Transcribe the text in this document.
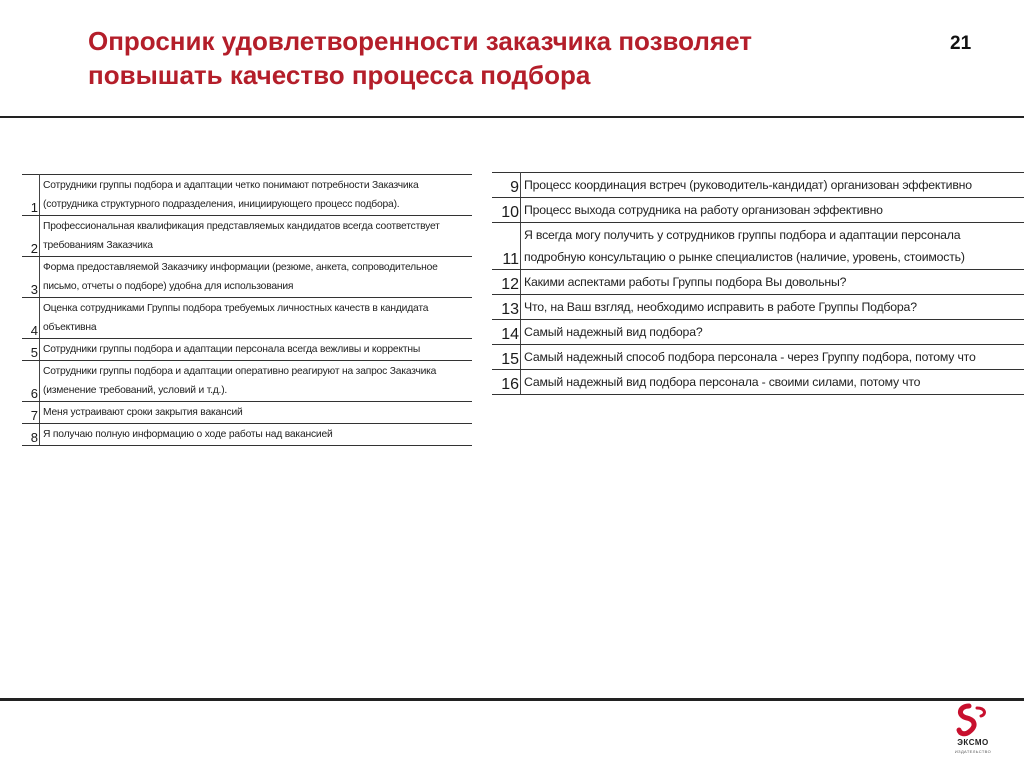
Опросник удовлетворенности заказчика позволяет повышать качество процесса подбора
21
1	Сотрудники группы подбора и адаптации четко понимают потребности Заказчика (сотрудника структурного подразделения, инициирующего процесс подбора).
2	Профессиональная квалификация представляемых кандидатов всегда соответствует требованиям Заказчика
3	Форма предоставляемой Заказчику информации (резюме, анкета, сопроводительное письмо, отчеты о подборе) удобна для использования
4	Оценка сотрудниками Группы подбора требуемых личностных качеств в кандидата объективна
5	Сотрудники группы подбора и адаптации персонала всегда вежливы и корректны
6	Сотрудники группы подбора и адаптации оперативно реагируют на запрос Заказчика (изменение требований, условий и т.д.).
7	Меня устраивают сроки закрытия вакансий
8	Я получаю полную информацию о ходе работы над вакансией
9	Процесс координация встреч (руководитель-кандидат) организован эффективно
10	Процесс выхода сотрудника на работу организован эффективно
11	Я всегда могу получить у сотрудников группы подбора и адаптации персонала подробную консультацию о рынке специалистов (наличие, уровень, стоимость)
12	Какими аспектами работы Группы подбора Вы довольны?
13	Что, на Ваш взгляд, необходимо исправить в работе Группы Подбора?
14	Самый надежный вид подбора?
15	Самый надежный способ подбора персонала - через Группу подбора, потому что
16	Самый надежный вид подбора персонала - своими силами, потому что
ЭКСМО
ИЗДАТЕЛЬСТВО
